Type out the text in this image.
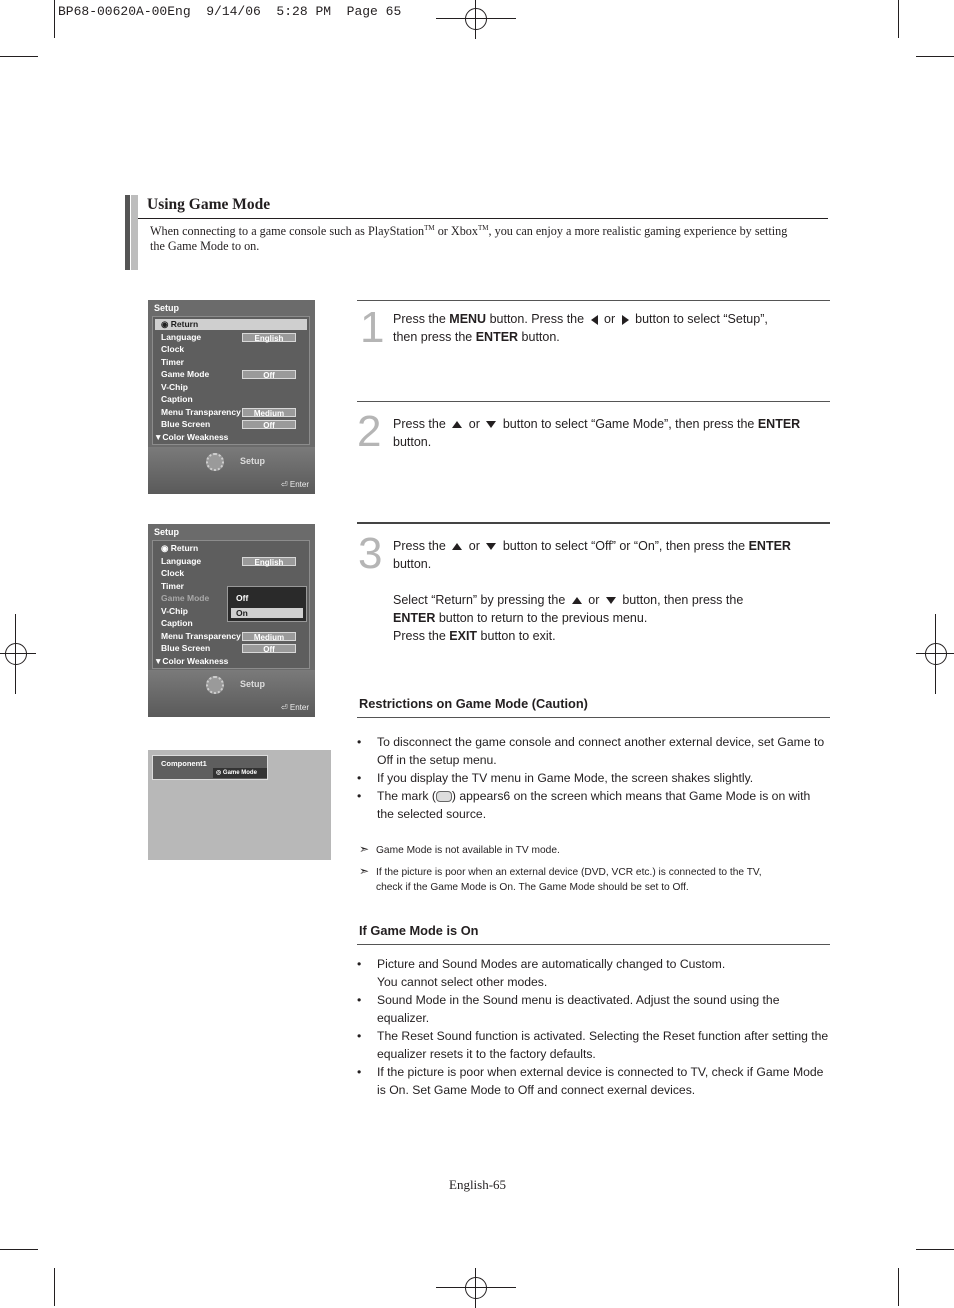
BP68-00620A-00Eng  9/14/06  5:28 PM  Page 65
Using Game Mode
When connecting to a game console such as PlayStation™ or Xbox™, you can enjoy a more realistic gaming experience by setting the Game Mode to on.
Setup
◉ Return
Language
Clock
Timer
Game Mode
V-Chip
Caption
Menu Transparency
Blue Screen
▼Color Weakness
English
Off
Medium
Off
Setup
⏎ Enter
Setup
◉ Return
Language
Clock
Timer
Game Mode
V-Chip
Caption
Menu Transparency
Blue Screen
▼Color Weakness
English
Medium
Off
Off
On
Setup
⏎ Enter
Component1
◎ Game Mode
1 Press the MENU button. Press the  or  button to select “Setup”,
then press the ENTER button.
2 Press the  or  button to select “Game Mode”, then press the ENTER
button.
3 Press the  or  button to select “Off” or “On”, then press the ENTER
button.
Select “Return” by pressing the  or  button, then press the
ENTER button to return to the previous menu.
Press the EXIT button to exit.
Restrictions on Game Mode (Caution)
• To disconnect the game console and connect another external device, set Game to Off in the setup menu.
• If you display the TV menu in Game Mode, the screen shakes slightly.
• The mark ( ) appears6 on the screen which means that Game Mode is on with the selected source.
➣ Game Mode is not available in TV mode.
➣ If the picture is poor when an external device (DVD, VCR etc.) is connected to the TV,
check if the Game Mode is On. The Game Mode should be set to Off.
If Game Mode is On
• Picture and Sound Modes are automatically changed to Custom.
You cannot select other modes.
• Sound Mode in the Sound menu is deactivated. Adjust the sound using the equalizer.
• The Reset Sound function is activated. Selecting the Reset function after setting the equalizer resets it to the factory defaults.
• If the picture is poor when external device is connected to TV, check if Game Mode is On. Set Game Mode to Off and connect exernal devices.
English-65
